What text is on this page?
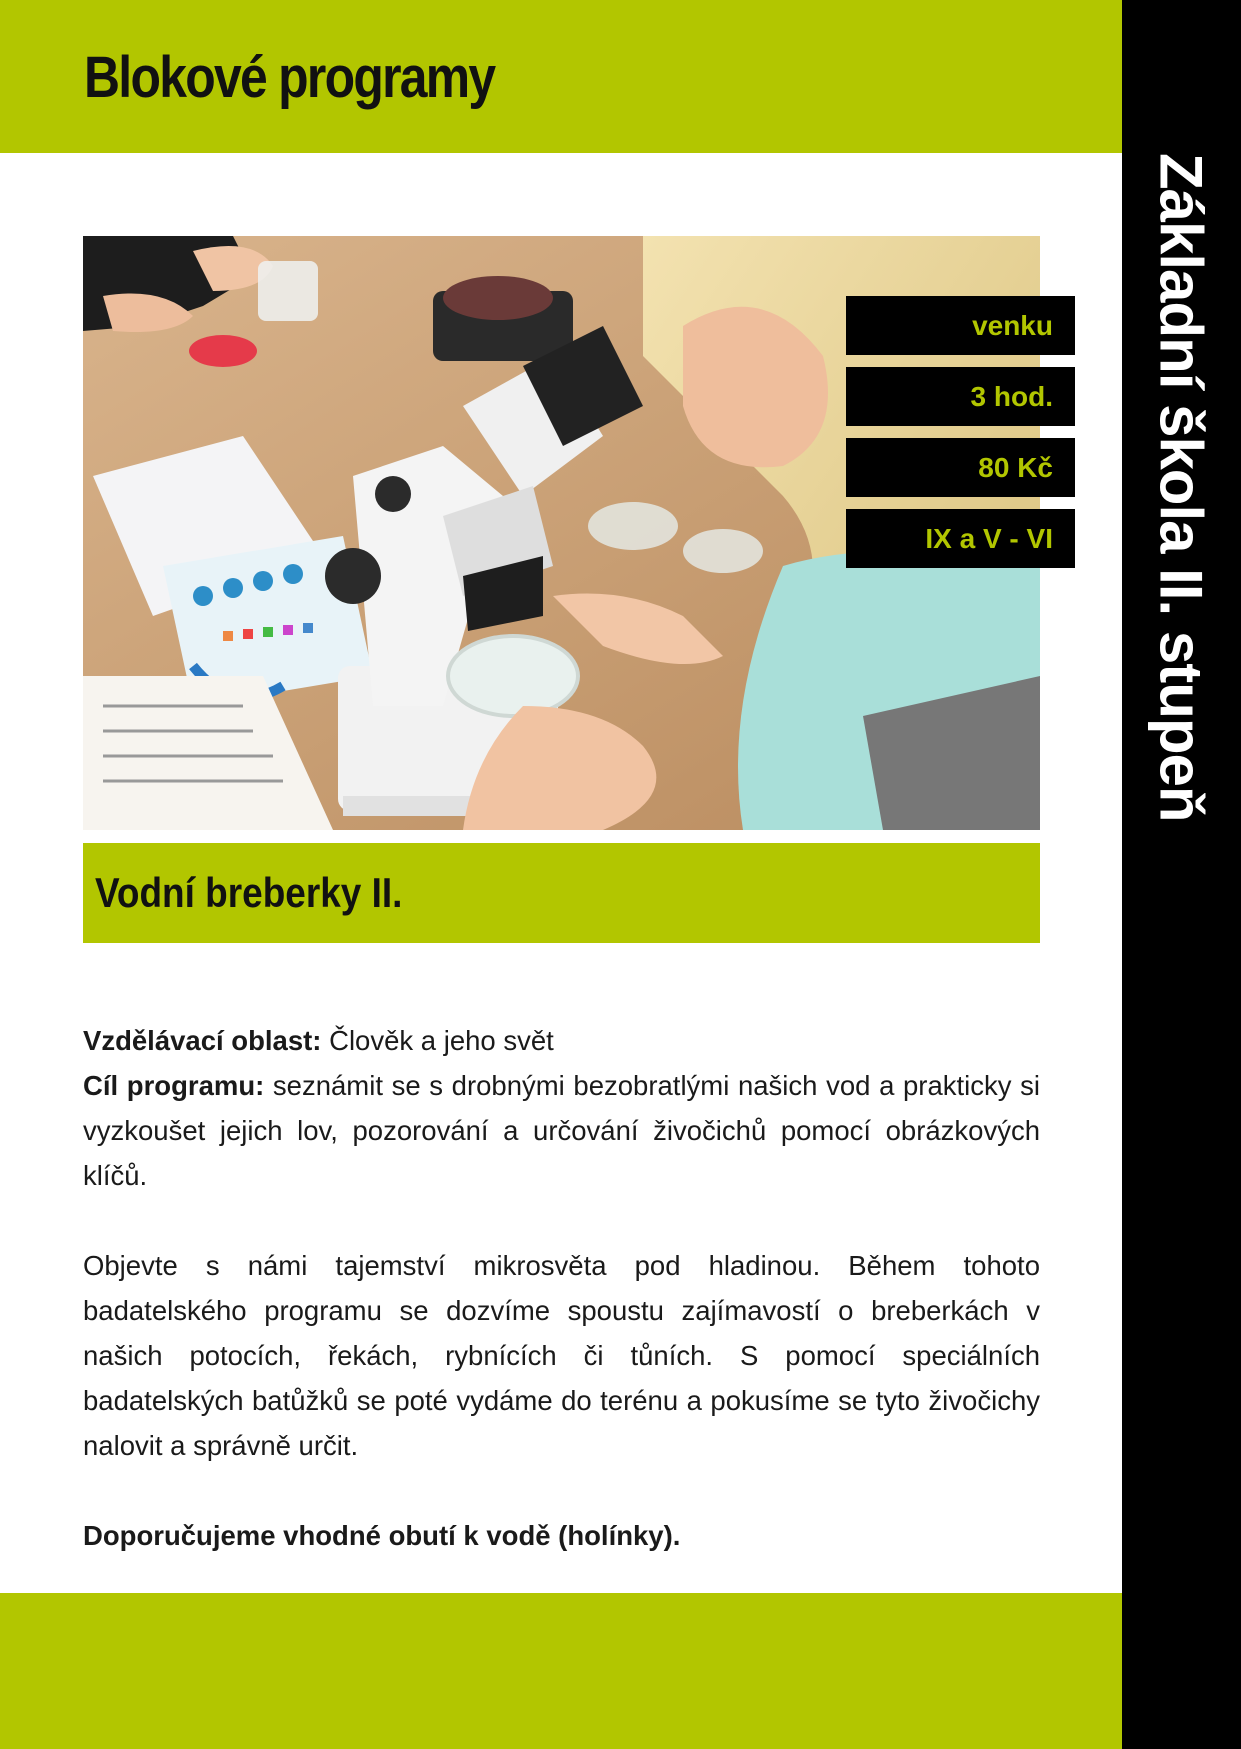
Blokové programy
Základní škola II. stupeň
venku
3 hod.
80 Kč
IX a V - VI
Vodní breberky II.

Vzdělávací oblast: Člověk a jeho svět

Cíl programu: seznámit se s drobnými bezobratlými našich vod a prakticky si vyzkoušet jejich lov, pozorování a určování živočichů pomocí obrázkových klíčů.

Objevte s námi tajemství mikrosvěta pod hladinou. Během tohoto badatelského programu se dozvíme spoustu zajímavostí o breberkách v našich potocích, řekách, rybnících či tůních. S pomocí speciálních badatelských batůžků se poté vydáme do terénu a pokusíme se tyto živočichy nalovit a správně určit.

Doporučujeme vhodné obutí k vodě (holínky).
